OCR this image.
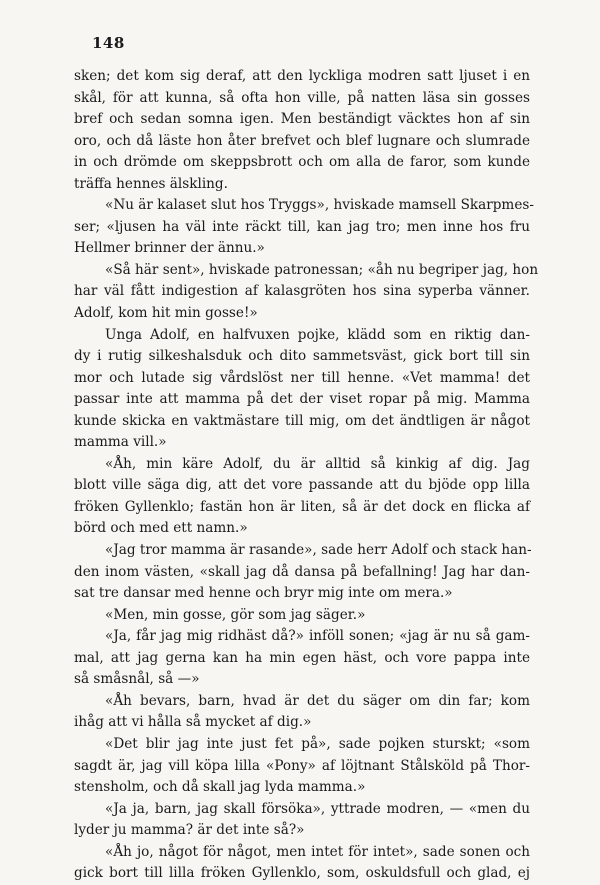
148

sken; det kom sig deraf, att den lyckliga modren satt ljuset i en
skål, för att kunna, så ofta hon ville, på natten läsa sin gosses
bref och sedan somna igen. Men beständigt väcktes hon af sin
oro, och då läste hon åter brefvet och blef lugnare och slumrade
in och drömde om skeppsbrott och om alla de faror, som kunde
träffa hennes älskling.

«Nu är kalaset slut hos Tryggs», hviskade mamsell Skarpmes-
ser; «ljusen ha väl inte räckt till, kan jag tro; men inne hos fru
Hellmer brinner der ännu.»

«Så här sent», hviskade patronessan; «åh nu begriper jag, hon
har väl fått indigestion af kalasgröten hos sina syperba vänner.
Adolf, kom hit min gosse!»

Unga Adolf, en halfvuxen pojke, klädd som en riktig dan-
dy i rutig silkeshalsduk och dito sammetsväst, gick bort till sin
mor och lutade sig vårdslöst ner till henne. «Vet mamma! det
passar inte att mamma på det der viset ropar på mig. Mamma
kunde skicka en vaktmästare till mig, om det ändtligen är något
mamma vill.»

«Åh, min käre Adolf, du är alltid så kinkig af dig. Jag
blott ville säga dig, att det vore passande att du bjöde opp lilla
fröken Gyllenklo; fastän hon är liten, så är det dock en flicka af
börd och med ett namn.»

«Jag tror mamma är rasande», sade herr Adolf och stack han-
den inom västen, «skall jag då dansa på befallning! Jag har dan-
sat tre dansar med henne och bryr mig inte om mera.»

«Men, min gosse, gör som jag säger.»

«Ja, får jag mig ridhäst då?» inföll sonen; «jag är nu så gam-
mal, att jag gerna kan ha min egen häst, och vore pappa inte
så småsnål, så —»

«Åh bevars, barn, hvad är det du säger om din far; kom
ihåg att vi hålla så mycket af dig.»

«Det blir jag inte just fet på», sade pojken sturskt; «som
sagdt är, jag vill köpa lilla «Pony» af löjtnant Stålsköld på Thor-
stensholm, och då skall jag lyda mamma.»

«Ja ja, barn, jag skall försöka», yttrade modren, — «men du
lyder ju mamma? är det inte så?»

«Åh jo, något för något, men intet för intet», sade sonen och
gick bort till lilla fröken Gyllenklo, som, oskuldsfull och glad, ej
